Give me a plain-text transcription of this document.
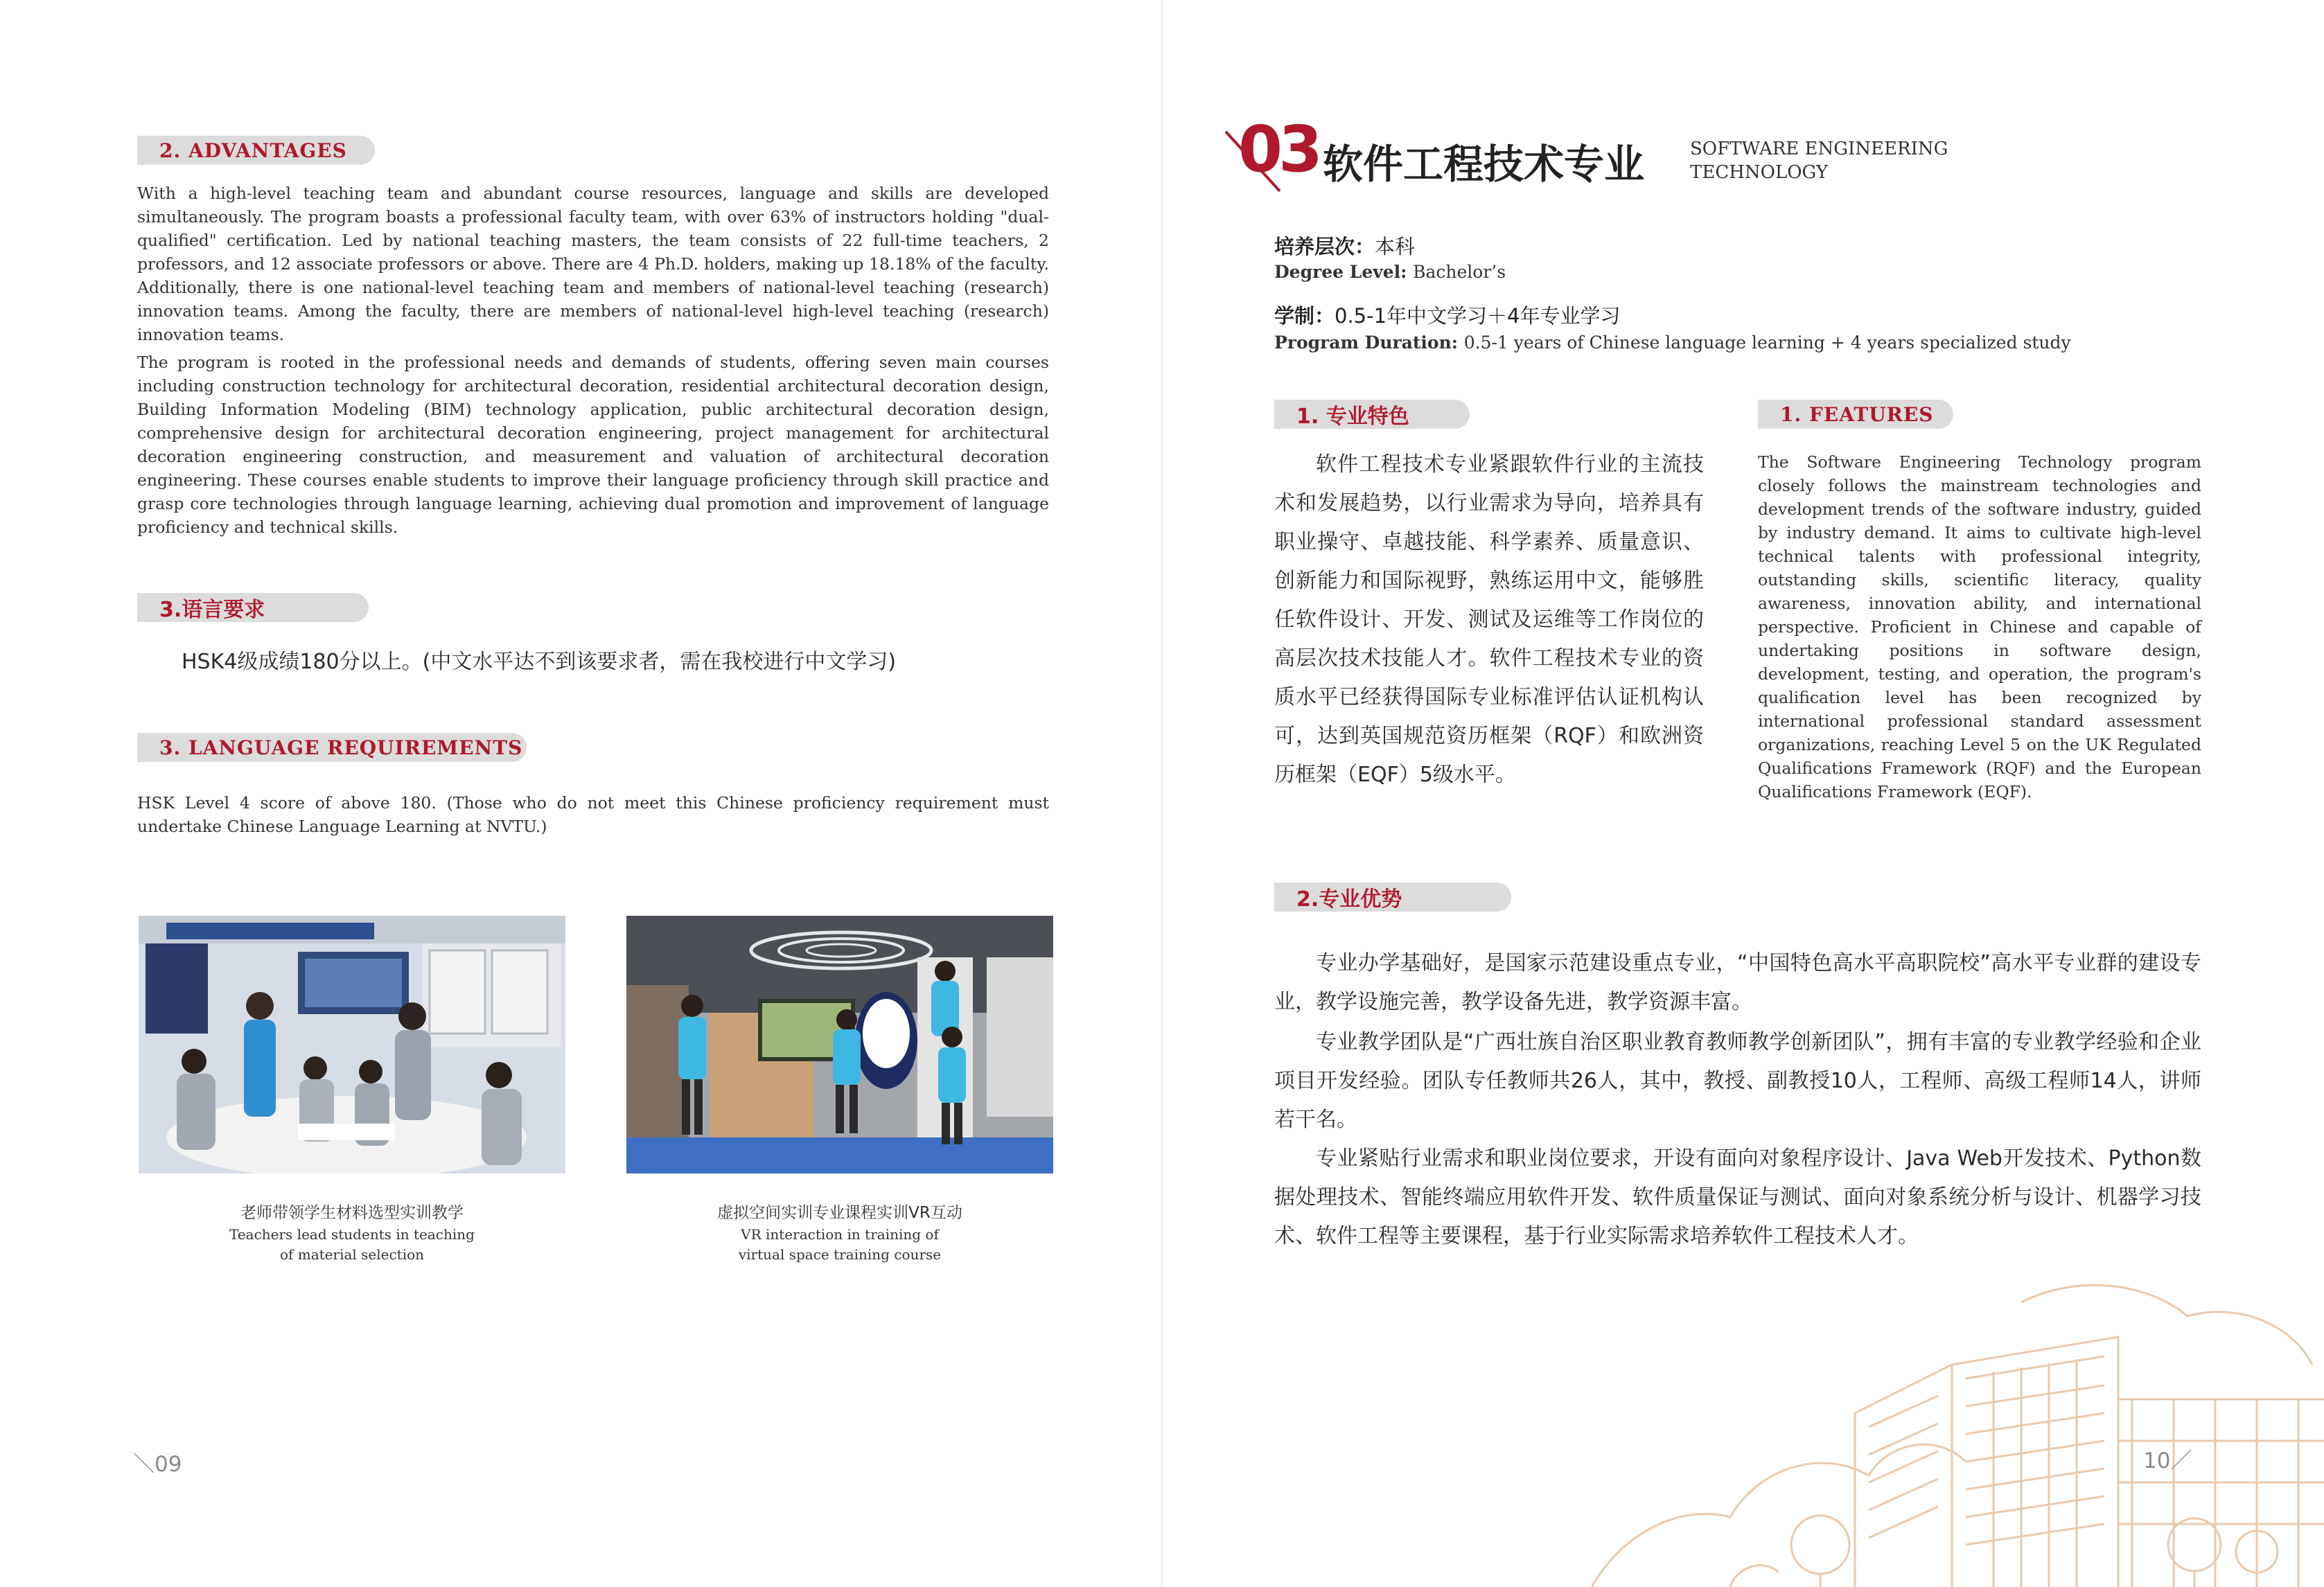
2. ADVANTAGES

With a high-level teaching team and abundant course resources, language and skills are developed simultaneously. The program boasts a professional faculty team, with over 63% of instructors holding "dual-qualified" certification. Led by national teaching masters, the team consists of 22 full-time teachers, 2 professors, and 12 associate professors or above. There are 4 Ph.D. holders, making up 18.18% of the faculty. Additionally, there is one national-level teaching team and members of national-level teaching (research) innovation teams. Among the faculty, there are members of national-level high-level teaching (research) innovation teams.

The program is rooted in the professional needs and demands of students, offering seven main courses including construction technology for architectural decoration, residential architectural decoration design, Building Information Modeling (BIM) technology application, public architectural decoration design, comprehensive design for architectural decoration engineering, project management for architectural decoration engineering construction, and measurement and valuation of architectural decoration engineering. These courses enable students to improve their language proficiency through skill practice and grasp core technologies through language learning, achieving dual promotion and improvement of language proficiency and technical skills.

3.语言要求

HSK4级成绩180分以上。(中文水平达不到该要求者，需在我校进行中文学习)

3. LANGUAGE REQUIREMENTS

HSK Level 4 score of above 180. (Those who do not meet this Chinese proficiency requirement must undertake Chinese Language Learning at NVTU.)

老师带领学生材料选型实训教学

Teachers lead students in teaching

of material selection

虚拟空间实训专业课程实训VR互动

VR interaction in training of

virtual space training course

＼09
03 软件工程技术专业	SOFTWARE ENGINEERING
TECHNOLOGY
培养层次：本科
Degree Level: Bachelor’s
学制：0.5-1年中文学习＋4年专业学习
Program Duration: 0.5-1 years of Chinese language learning + 4 years specialized study
1. 专业特色	1. FEATURES

软件工程技术专业紧跟软件行业的主流技术和发展趋势，以行业需求为导向，培养具有职业操守、卓越技能、科学素养、质量意识、创新能力和国际视野，熟练运用中文，能够胜任软件设计、开发、测试及运维等工作岗位的高层次技术技能人才。软件工程技术专业的资质水平已经获得国际专业标准评估认证机构认可，达到英国规范资历框架（RQF）和欧洲资历框架（EQF）5级水平。

The Software Engineering Technology program closely follows the mainstream technologies and development trends of the software industry, guided by industry demand. It aims to cultivate high-level technical talents with professional integrity, outstanding skills, scientific literacy, quality awareness, innovation ability, and international perspective. Proficient in Chinese and capable of undertaking positions in software design, development, testing, and operation, the program's qualification level has been recognized by international professional standard assessment organizations, reaching Level 5 on the UK Regulated Qualifications Framework (RQF) and the European Qualifications Framework (EQF).

2.专业优势

专业办学基础好，是国家示范建设重点专业，“中国特色高水平高职院校”高水平专业群的建设专业，教学设施完善，教学设备先进，教学资源丰富。

专业教学团队是“广西壮族自治区职业教育教师教学创新团队”，拥有丰富的专业教学经验和企业项目开发经验。团队专任教师共26人，其中，教授、副教授10人，工程师、高级工程师14人，讲师若干名。

专业紧贴行业需求和职业岗位要求，开设有面向对象程序设计、Java Web开发技术、Python数据处理技术、智能终端应用软件开发、软件质量保证与测试、面向对象系统分析与设计、机器学习技术、软件工程等主要课程，基于行业实际需求培养软件工程技术人才。

10／
